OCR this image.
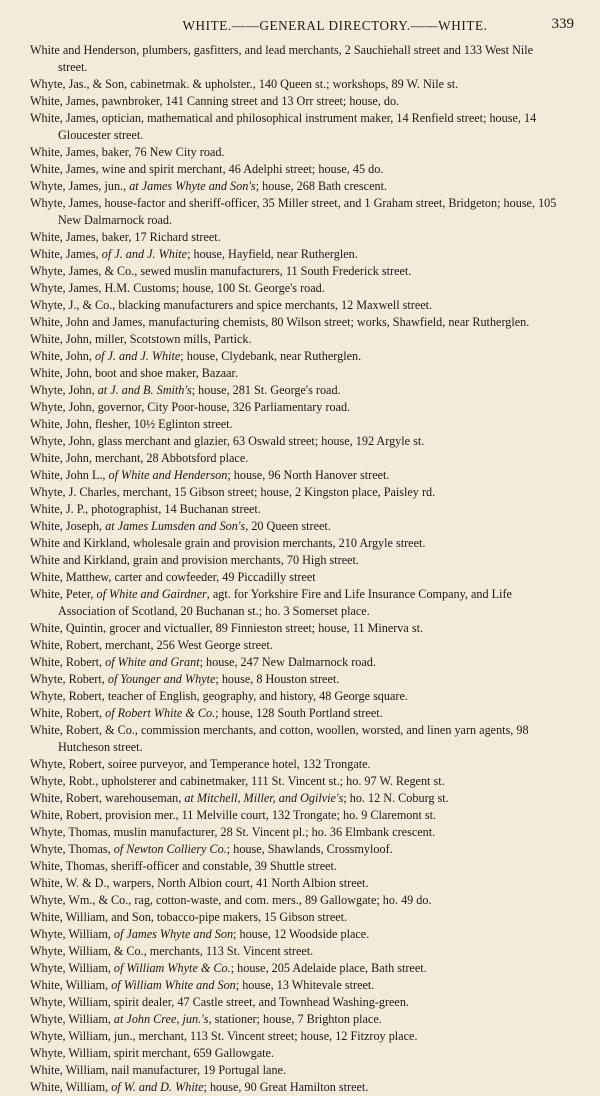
WHITE.——GENERAL DIRECTORY.——WHITE.	339
White and Henderson, plumbers, gasfitters, and lead merchants, 2 Sauchiehall street and 133 West Nile street.
Whyte, Jas., & Son, cabinetmak. & upholster., 140 Queen st.; workshops, 89 W. Nile st.
White, James, pawnbroker, 141 Canning street and 13 Orr street; house, do.
White, James, optician, mathematical and philosophical instrument maker, 14 Renfield street; house, 14 Gloucester street.
White, James, baker, 76 New City road.
White, James, wine and spirit merchant, 46 Adelphi street; house, 45 do.
Whyte, James, jun., at James Whyte and Son's; house, 268 Bath crescent.
Whyte, James, house-factor and sheriff-officer, 35 Miller street, and 1 Graham street, Bridgeton; house, 105 New Dalmarnock road.
White, James, baker, 17 Richard street.
White, James, of J. and J. White; house, Hayfield, near Rutherglen.
Whyte, James, & Co., sewed muslin manufacturers, 11 South Frederick street.
Whyte, James, H.M. Customs; house, 100 St. George's road.
Whyte, J., & Co., blacking manufacturers and spice merchants, 12 Maxwell street.
White, John and James, manufacturing chemists, 80 Wilson street; works, Shawfield, near Rutherglen.
White, John, miller, Scotstown mills, Partick.
White, John, of J. and J. White; house, Clydebank, near Rutherglen.
White, John, boot and shoe maker, Bazaar.
Whyte, John, at J. and B. Smith's; house, 281 St. George's road.
Whyte, John, governor, City Poor-house, 326 Parliamentary road.
White, John, flesher, 10½ Eglinton street.
Whyte, John, glass merchant and glazier, 63 Oswald street; house, 192 Argyle st.
White, John, merchant, 28 Abbotsford place.
White, John L., of White and Henderson; house, 96 North Hanover street.
Whyte, J. Charles, merchant, 15 Gibson street; house, 2 Kingston place, Paisley rd.
White, J. P., photographist, 14 Buchanan street.
White, Joseph, at James Lumsden and Son's, 20 Queen street.
White and Kirkland, wholesale grain and provision merchants, 210 Argyle street.
White and Kirkland, grain and provision merchants, 70 High street.
White, Matthew, carter and cowfeeder, 49 Piccadilly street
White, Peter, of White and Gairdner, agt. for Yorkshire Fire and Life Insurance Company, and Life Association of Scotland, 20 Buchanan st.; ho. 3 Somerset place.
White, Quintin, grocer and victualler, 89 Finnieston street; house, 11 Minerva st.
White, Robert, merchant, 256 West George street.
White, Robert, of White and Grant; house, 247 New Dalmarnock road.
Whyte, Robert, of Younger and Whyte; house, 8 Houston street.
Whyte, Robert, teacher of English, geography, and history, 48 George square.
White, Robert, of Robert White & Co.; house, 128 South Portland street.
White, Robert, & Co., commission merchants, and cotton, woollen, worsted, and linen yarn agents, 98 Hutcheson street.
Whyte, Robert, soiree purveyor, and Temperance hotel, 132 Trongate.
Whyte, Robt., upholsterer and cabinetmaker, 111 St. Vincent st.; ho. 97 W. Regent st.
White, Robert, warehouseman, at Mitchell, Miller, and Ogilvie's; ho. 12 N. Coburg st.
White, Robert, provision mer., 11 Melville court, 132 Trongate; ho. 9 Claremont st.
Whyte, Thomas, muslin manufacturer, 28 St. Vincent pl.; ho. 36 Elmbank crescent.
Whyte, Thomas, of Newton Colliery Co.; house, Shawlands, Crossmyloof.
White, Thomas, sheriff-officer and constable, 39 Shuttle street.
White, W. & D., warpers, North Albion court, 41 North Albion street.
Whyte, Wm., & Co., rag, cotton-waste, and com. mers., 89 Gallowgate; ho. 49 do.
White, William, and Son, tobacco-pipe makers, 15 Gibson street.
Whyte, William, of James Whyte and Son; house, 12 Woodside place.
Whyte, William, & Co., merchants, 113 St. Vincent street.
Whyte, William, of William Whyte & Co.; house, 205 Adelaide place, Bath street.
White, William, of William White and Son; house, 13 Whitevale street.
Whyte, William, spirit dealer, 47 Castle street, and Townhead Washing-green.
Whyte, William, at John Cree, jun.'s, stationer; house, 7 Brighton place.
Whyte, William, jun., merchant, 113 St. Vincent street; house, 12 Fitzroy place.
Whyte, William, spirit merchant, 659 Gallowgate.
White, William, nail manufacturer, 19 Portugal lane.
White, William, of W. and D. White; house, 90 Great Hamilton street.
